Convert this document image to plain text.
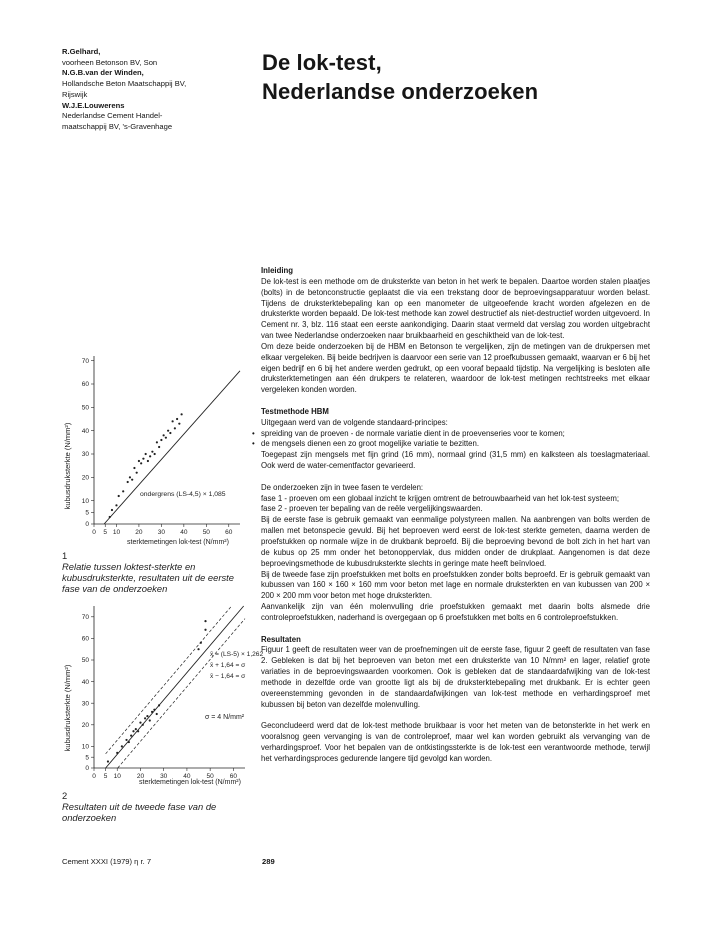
R.Gelhard,
voorheen Betonson BV, Son
N.G.B.van der Winden,
Hollandsche Beton Maatschappij BV,
Rijswijk
W.J.E.Louwerens
Nederlandse Cement Handel-
maatschappij BV, 's-Gravenhage
De lok-test,
Nederlandse onderzoeken
Inleiding

De lok-test is een methode om de druksterkte van beton in het werk te bepalen. Daartoe worden stalen plaatjes (bolts) in de betonconstructie geplaatst die via een trekstang door de beproevingsapparatuur worden belast. Tijdens de druksterktebepaling kan op een manometer de uitgeoefende kracht worden afgelezen en de druksterkte worden bepaald. De lok-test methode kan zowel destructief als niet-destructief worden uitgevoerd. In Cement nr. 3, blz. 116 staat een eerste aankondiging. Daarin staat vermeld dat verslag zou worden uitgebracht van twee Nederlandse onderzoeken naar bruikbaarheid en geschiktheid van de lok-test.

Om deze beide onderzoeken bij de HBM en Betonson te vergelijken, zijn de metingen van de drukpersen met elkaar vergeleken. Bij beide bedrijven is daarvoor een serie van 12 proefkubussen gemaakt, waarvan er 6 bij het eigen bedrijf en 6 bij het andere werden gedrukt, op een vooraf bepaald tijdstip. Na vergelijking is besloten alle druksterktemetingen aan één drukpers te relateren, waardoor de lok-test metingen rechtstreeks met elkaar vergeleken konden worden.

Testmethode HBM

Uitgegaan werd van de volgende standaard-principes:

• spreiding van de proeven - de normale variatie dient in de proevenseries voor te komen;

• de mengsels dienen een zo groot mogelijke variatie te bezitten.

Toegepast zijn mengsels met fijn grind (16 mm), normaal grind (31,5 mm) en kalksteen als toeslagmateriaal. Ook werd de water-cementfactor gevarieerd.

De onderzoeken zijn in twee fasen te verdelen:

fase 1 - proeven om een globaal inzicht te krijgen omtrent de betrouwbaarheid van het lok-test systeem;

fase 2 - proeven ter bepaling van de reële vergelijkingswaarden.

Bij de eerste fase is gebruik gemaakt van eenmalige polystyreen mallen. Na aanbrengen van bolts werden de mallen met betonspecie gevuld. Bij het beproeven werd eerst de lok-test sterkte gemeten, daarna werden de proefstukken op normale wijze in de drukbank beproefd. Bij die beproeving bevond de bolt zich in het hart van de kubus op 25 mm onder het betonoppervlak, dus midden onder de drukplaat. Aangenomen is dat deze beproevingsmethode de kubusdruksterkte slechts in geringe mate heeft beïnvloed.

Bij de tweede fase zijn proefstukken met bolts en proefstukken zonder bolts beproefd. Er is gebruik gemaakt van kubussen van 160 × 160 × 160 mm voor beton met lage en normale druksterkten en van kubussen van 200 × 200 × 200 mm voor beton met hoge druksterkten.

Aanvankelijk zijn van één molenvulling drie proefstukken gemaakt met daarin bolts alsmede drie controleproefstukken, naderhand is overgegaan op 6 proefstukken met bolts en 6 controleproefstukken.

Resultaten

Figuur 1 geeft de resultaten weer van de proefnemingen uit de eerste fase, figuur 2 geeft de resultaten van fase 2. Gebleken is dat bij het beproeven van beton met een druksterkte van 10 N/mm² en lager, relatief grote variaties in de beproevingswaarden voorkomen. Ook is gebleken dat de standaardafwijking van de lok-test methode in dezelfde orde van grootte ligt als bij de druksterktebepaling met drukbank. Er is echter geen overeenstemming gevonden in de standaardafwijkingen van lok-test methode en verhardingsproef met kubussen bij beton van dezelfde molenvulling.

Geconcludeerd werd dat de lok-test methode bruikbaar is voor het meten van de betonsterkte in het werk en vooralsnog geen vervanging is van de controleproef, maar wel kan worden gebruikt als vervanging van de verhardingsproef. Voor het bepalen van de ontkistingssterkte is de lok-test een verantwoorde methode, terwijl het verhardingsproces gedurende langere tijd gevolgd kan worden.

kubusdruksterkte (N/mm²)
0 5 10 20 30 40 50 60
0
5
10
20
30
40
50
60
70
sterktemetingen lok-test (N/mm²)
ondergrens (LS-4,5) × 1,085
1
Relatie tussen loktest-sterkte en
kubusdruksterkte, resultaten uit de eerste
fase van de onderzoeken
kubusdruksterkte (N/mm²)
0 5 10 20 30 40 50 60
0
5
10
20
30
40
50
60
70
sterktemetingen lok-test (N/mm²)
x̄ = (LS-5) × 1,262
x̄ + 1,64 = σ
x̄ − 1,64 = σ
σ = 4 N/mm²
2
Resultaten uit de tweede fase van de
onderzoeken
Cement XXXI (1979) η r. 7	289
